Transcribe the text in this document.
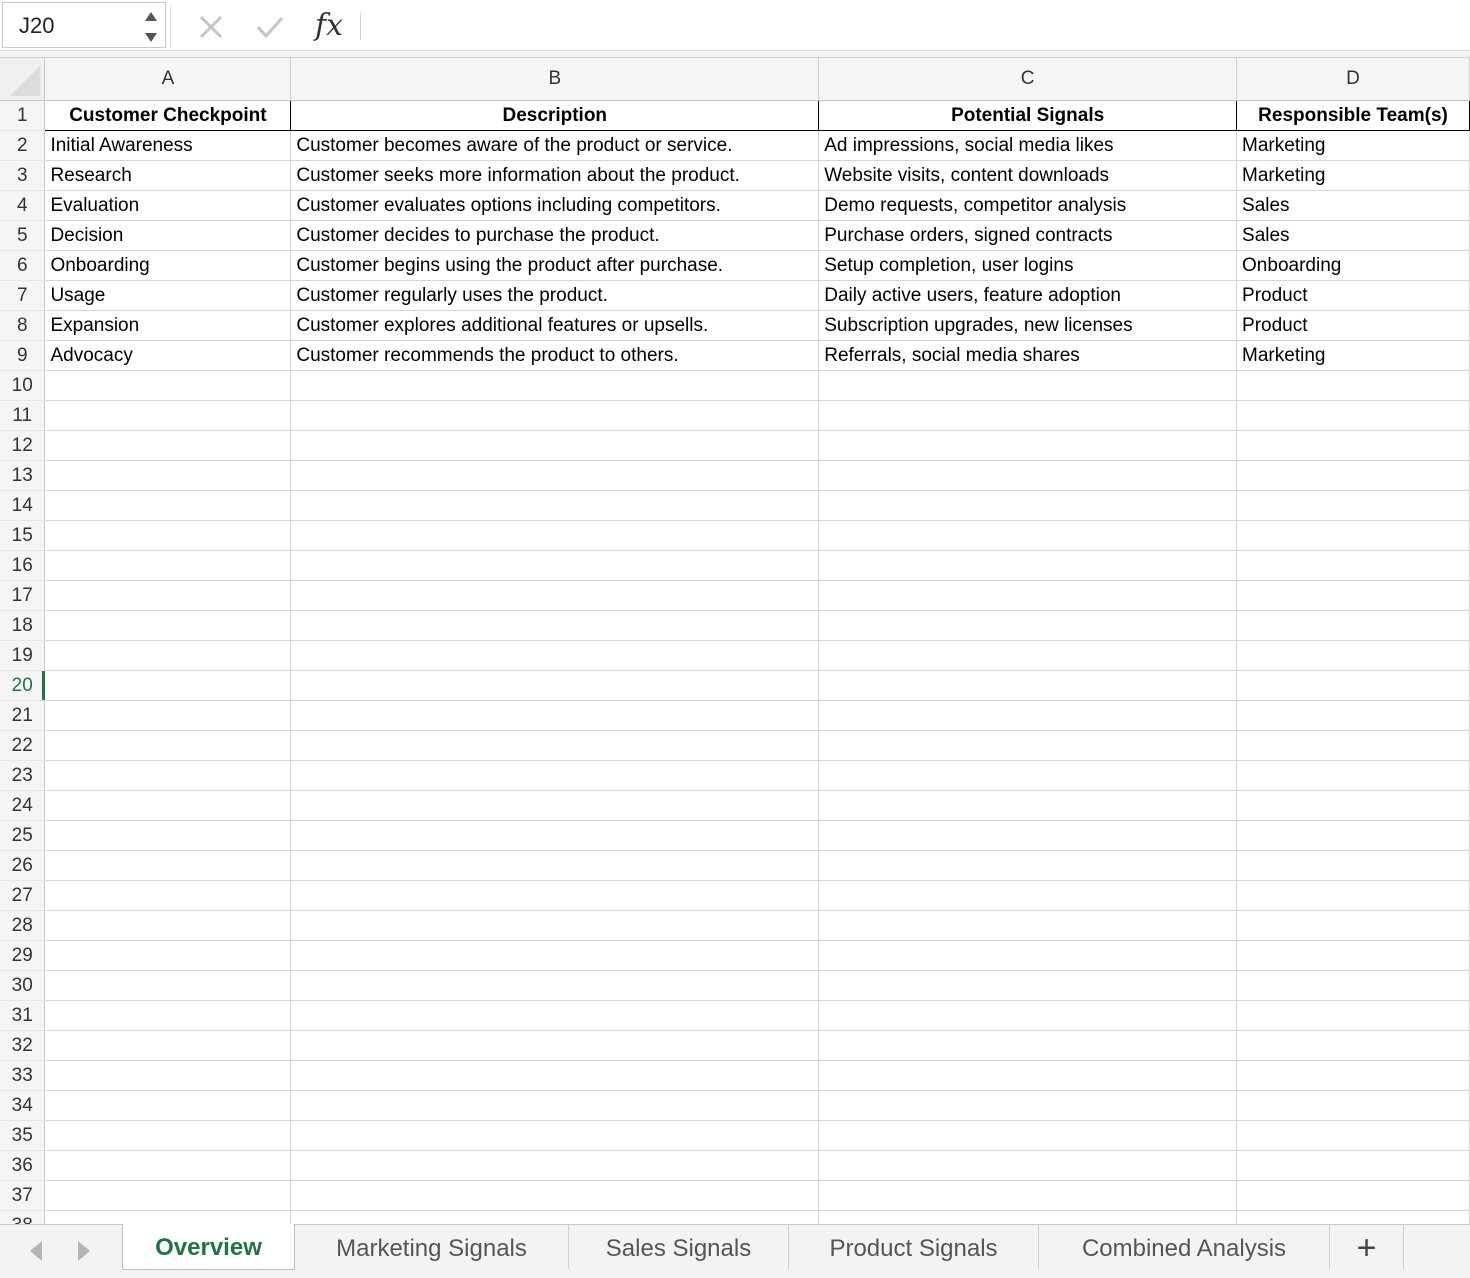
J20	fx
	A	B	C	D
1	Customer Checkpoint	Description	Potential Signals	Responsible Team(s)
2	Initial Awareness	Customer becomes aware of the product or service.	Ad impressions, social media likes	Marketing
3	Research	Customer seeks more information about the product.	Website visits, content downloads	Marketing
4	Evaluation	Customer evaluates options including competitors.	Demo requests, competitor analysis	Sales
5	Decision	Customer decides to purchase the product.	Purchase orders, signed contracts	Sales
6	Onboarding	Customer begins using the product after purchase.	Setup completion, user logins	Onboarding
7	Usage	Customer regularly uses the product.	Daily active users, feature adoption	Product
8	Expansion	Customer explores additional features or upsells.	Subscription upgrades, new licenses	Product
9	Advocacy	Customer recommends the product to others.	Referrals, social media shares	Marketing
10				
11				
12				
13				
14				
15				
16				
17				
18				
19				
20				
21				
22				
23				
24				
25				
26				
27				
28				
29				
30				
31				
32				
33				
34				
35				
36				
37				

Overview	Marketing Signals	Sales Signals	Product Signals	Combined Analysis	+
